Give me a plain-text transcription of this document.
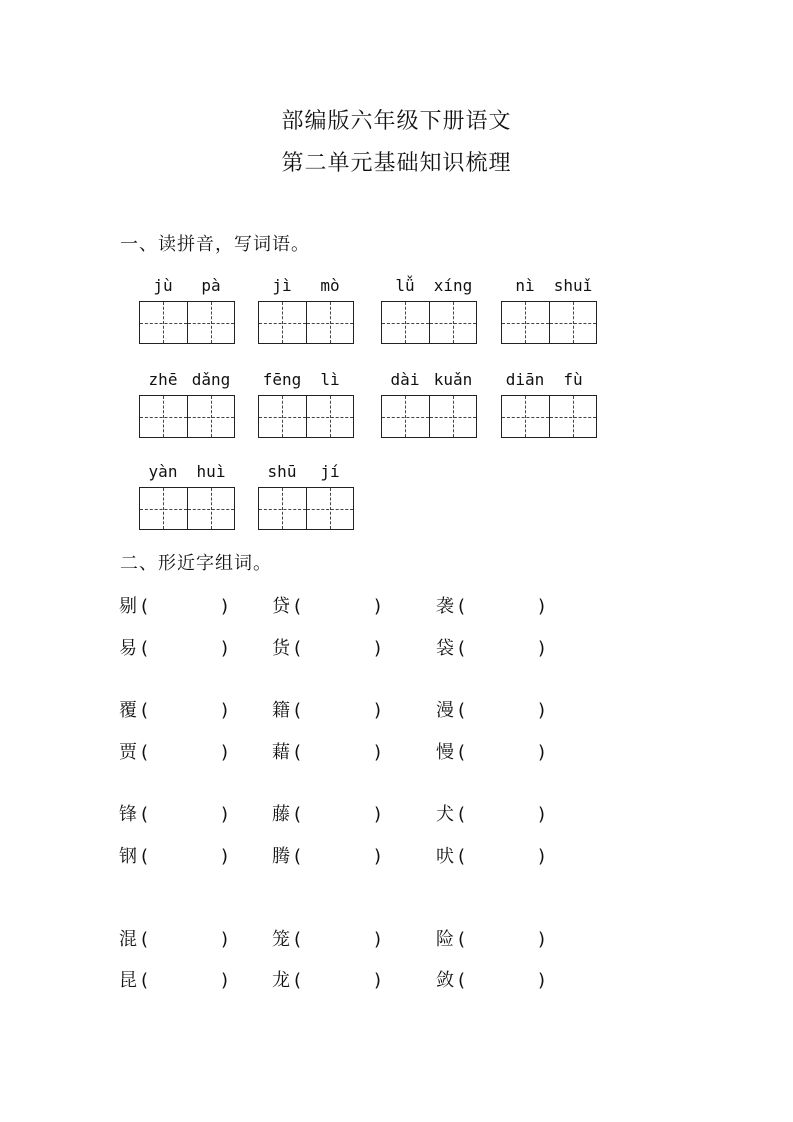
部编版六年级下册语文
第二单元基础知识梳理
一、读拼音，写词语。
jù	pà	jì	mò	lǚ	xíng	nì	shuǐ
zhē dǎng fēng	lì	dài kuǎn diān	fù
yàn	huì	shū	jí
二、形近字组词。
剔 (	) 贷 (	)	袭 (	)
易 (	) 货 (	)	袋 (	)
覆 (	) 籍 (	)	漫 (	)
贾 (	) 藉 (	)	慢 (	)
锋 (	) 藤 (	)	犬 (	)
钢 (	) 腾 (	)	吠 (	)
混 (	) 笼 (	)	险 (	)
昆 (	) 龙 (	)	敛 (	)
